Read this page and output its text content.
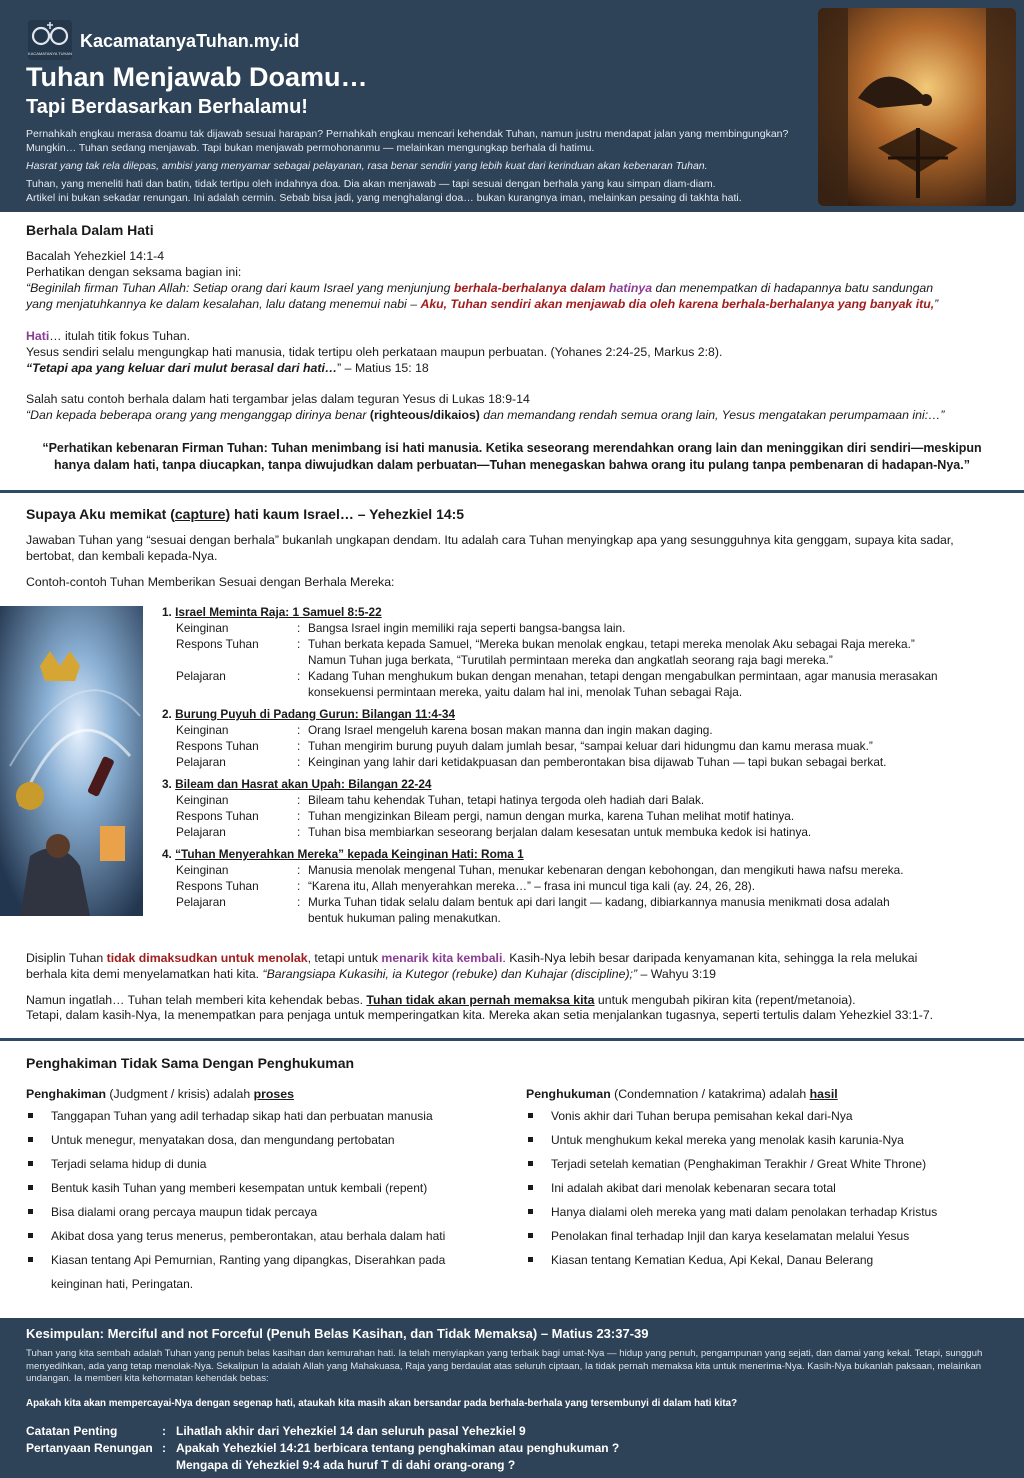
KACAMATANYA TUHAN
KacamatanyaTuhan.my.id
Tuhan Menjawab Doamu…
Tapi Berdasarkan Berhalamu!
Pernahkah engkau merasa doamu tak dijawab sesuai harapan? Pernahkah engkau mencari kehendak Tuhan, namun justru mendapat jalan yang membingungkan? Mungkin… Tuhan sedang menjawab. Tapi bukan menjawab permohonanmu — melainkan mengungkap berhala di hatimu.
Hasrat yang tak rela dilepas, ambisi yang menyamar sebagai pelayanan, rasa benar sendiri yang lebih kuat dari kerinduan akan kebenaran Tuhan.
Tuhan, yang meneliti hati dan batin, tidak tertipu oleh indahnya doa. Dia akan menjawab — tapi sesuai dengan berhala yang kau simpan diam-diam.
Artikel ini bukan sekadar renungan. Ini adalah cermin. Sebab bisa jadi, yang menghalangi doa… bukan kurangnya iman, melainkan pesaing di takhta hati.
Berhala Dalam Hati
Bacalah Yehezkiel 14:1-4
Perhatikan dengan seksama bagian ini:
“Beginilah firman Tuhan Allah: Setiap orang dari kaum Israel yang menjunjung berhala-berhalanya dalam hatinya dan menempatkan di hadapannya batu sandungan
yang menjatuhkannya ke dalam kesalahan, lalu datang menemui nabi – Aku, Tuhan sendiri akan menjawab dia oleh karena berhala-berhalanya yang banyak itu,”
Hati… itulah titik fokus Tuhan.
Yesus sendiri selalu mengungkap hati manusia, tidak tertipu oleh perkataan maupun perbuatan. (Yohanes 2:24-25, Markus 2:8).
“Tetapi apa yang keluar dari mulut berasal dari hati…” – Matius 15: 18
Salah satu contoh berhala dalam hati tergambar jelas dalam teguran Yesus di Lukas 18:9-14
“Dan kepada beberapa orang yang menganggap dirinya benar (righteous/dikaios) dan memandang rendah semua orang lain, Yesus mengatakan perumpamaan ini:…”
“Perhatikan kebenaran Firman Tuhan: Tuhan menimbang isi hati manusia. Ketika seseorang merendahkan orang lain dan meninggikan diri sendiri—meskipun
hanya dalam hati, tanpa diucapkan, tanpa diwujudkan dalam perbuatan—Tuhan menegaskan bahwa orang itu pulang tanpa pembenaran di hadapan-Nya.”
Supaya Aku memikat (capture) hati kaum Israel… – Yehezkiel 14:5
Jawaban Tuhan yang “sesuai dengan berhala” bukanlah ungkapan dendam. Itu adalah cara Tuhan menyingkap apa yang sesungguhnya kita genggam, supaya kita sadar,
bertobat, dan kembali kepada-Nya.
Contoh-contoh Tuhan Memberikan Sesuai dengan Berhala Mereka:
1. Israel Meminta Raja: 1 Samuel 8:5-22
Keinginan	: Bangsa Israel ingin memiliki raja seperti bangsa-bangsa lain.
Respons Tuhan	: Tuhan berkata kepada Samuel, “Mereka bukan menolak engkau, tetapi mereka menolak Aku sebagai Raja mereka.”
Namun Tuhan juga berkata, “Turutilah permintaan mereka dan angkatlah seorang raja bagi mereka.”
Pelajaran	: Kadang Tuhan menghukum bukan dengan menahan, tetapi dengan mengabulkan permintaan, agar manusia merasakan
konsekuensi permintaan mereka, yaitu dalam hal ini, menolak Tuhan sebagai Raja.
2. Burung Puyuh di Padang Gurun: Bilangan 11:4-34
Keinginan	: Orang Israel mengeluh karena bosan makan manna dan ingin makan daging.
Respons Tuhan	: Tuhan mengirim burung puyuh dalam jumlah besar, “sampai keluar dari hidungmu dan kamu merasa muak.”
Pelajaran	: Keinginan yang lahir dari ketidakpuasan dan pemberontakan bisa dijawab Tuhan — tapi bukan sebagai berkat.
3. Bileam dan Hasrat akan Upah: Bilangan 22-24
Keinginan	: Bileam tahu kehendak Tuhan, tetapi hatinya tergoda oleh hadiah dari Balak.
Respons Tuhan	: Tuhan mengizinkan Bileam pergi, namun dengan murka, karena Tuhan melihat motif hatinya.
Pelajaran	: Tuhan bisa membiarkan seseorang berjalan dalam kesesatan untuk membuka kedok isi hatinya.
4. “Tuhan Menyerahkan Mereka” kepada Keinginan Hati: Roma 1
Keinginan	: Manusia menolak mengenal Tuhan, menukar kebenaran dengan kebohongan, dan mengikuti hawa nafsu mereka.
Respons Tuhan	: “Karena itu, Allah menyerahkan mereka…” – frasa ini muncul tiga kali (ay. 24, 26, 28).
Pelajaran	: Murka Tuhan tidak selalu dalam bentuk api dari langit — kadang, dibiarkannya manusia menikmati dosa adalah
bentuk hukuman paling menakutkan.
Disiplin Tuhan tidak dimaksudkan untuk menolak, tetapi untuk menarik kita kembali. Kasih-Nya lebih besar daripada kenyamanan kita, sehingga Ia rela melukai
berhala kita demi menyelamatkan hati kita. “Barangsiapa Kukasihi, ia Kutegor (rebuke) dan Kuhajar (discipline);” – Wahyu 3:19
Namun ingatlah… Tuhan telah memberi kita kehendak bebas. Tuhan tidak akan pernah memaksa kita untuk mengubah pikiran kita (repent/metanoia).
Tetapi, dalam kasih-Nya, Ia menempatkan para penjaga untuk memperingatkan kita. Mereka akan setia menjalankan tugasnya, seperti tertulis dalam Yehezkiel 33:1-7.
Penghakiman Tidak Sama Dengan Penghukuman
Penghakiman (Judgment / krisis) adalah proses	Penghukuman (Condemnation / katakrima) adalah hasil
Tanggapan Tuhan yang adil terhadap sikap hati dan perbuatan manusia
Untuk menegur, menyatakan dosa, dan mengundang pertobatan
Terjadi selama hidup di dunia
Bentuk kasih Tuhan yang memberi kesempatan untuk kembali (repent)
Bisa dialami orang percaya maupun tidak percaya
Akibat dosa yang terus menerus, pemberontakan, atau berhala dalam hati
Kiasan tentang Api Pemurnian, Ranting yang dipangkas, Diserahkan pada keinginan hati, Peringatan.
Vonis akhir dari Tuhan berupa pemisahan kekal dari-Nya
Untuk menghukum kekal mereka yang menolak kasih karunia-Nya
Terjadi setelah kematian (Penghakiman Terakhir / Great White Throne)
Ini adalah akibat dari menolak kebenaran secara total
Hanya dialami oleh mereka yang mati dalam penolakan terhadap Kristus
Penolakan final terhadap Injil dan karya keselamatan melalui Yesus
Kiasan tentang Kematian Kedua, Api Kekal, Danau Belerang
Kesimpulan: Merciful and not Forceful (Penuh Belas Kasihan, dan Tidak Memaksa) – Matius 23:37-39
Tuhan yang kita sembah adalah Tuhan yang penuh belas kasihan dan kemurahan hati. Ia telah menyiapkan yang terbaik bagi umat-Nya — hidup yang penuh, pengampunan yang sejati, dan damai yang kekal. Tetapi, sungguh menyedihkan, ada yang tetap menolak-Nya. Sekalipun Ia adalah Allah yang Mahakuasa, Raja yang berdaulat atas seluruh ciptaan, Ia tidak pernah memaksa kita untuk menerima-Nya. Kasih-Nya bukanlah paksaan, melainkan undangan. Ia memberi kita kehormatan kehendak bebas:
Apakah kita akan mempercayai-Nya dengan segenap hati, ataukah kita masih akan bersandar pada berhala-berhala yang tersembunyi di dalam hati kita?
Catatan Penting	: Lihatlah akhir dari Yehezkiel 14 dan seluruh pasal Yehezkiel 9
Pertanyaan Renungan : Apakah Yehezkiel 14:21 berbicara tentang penghakiman atau penghukuman ?
Mengapa di Yehezkiel 9:4 ada huruf T di dahi orang-orang ?
